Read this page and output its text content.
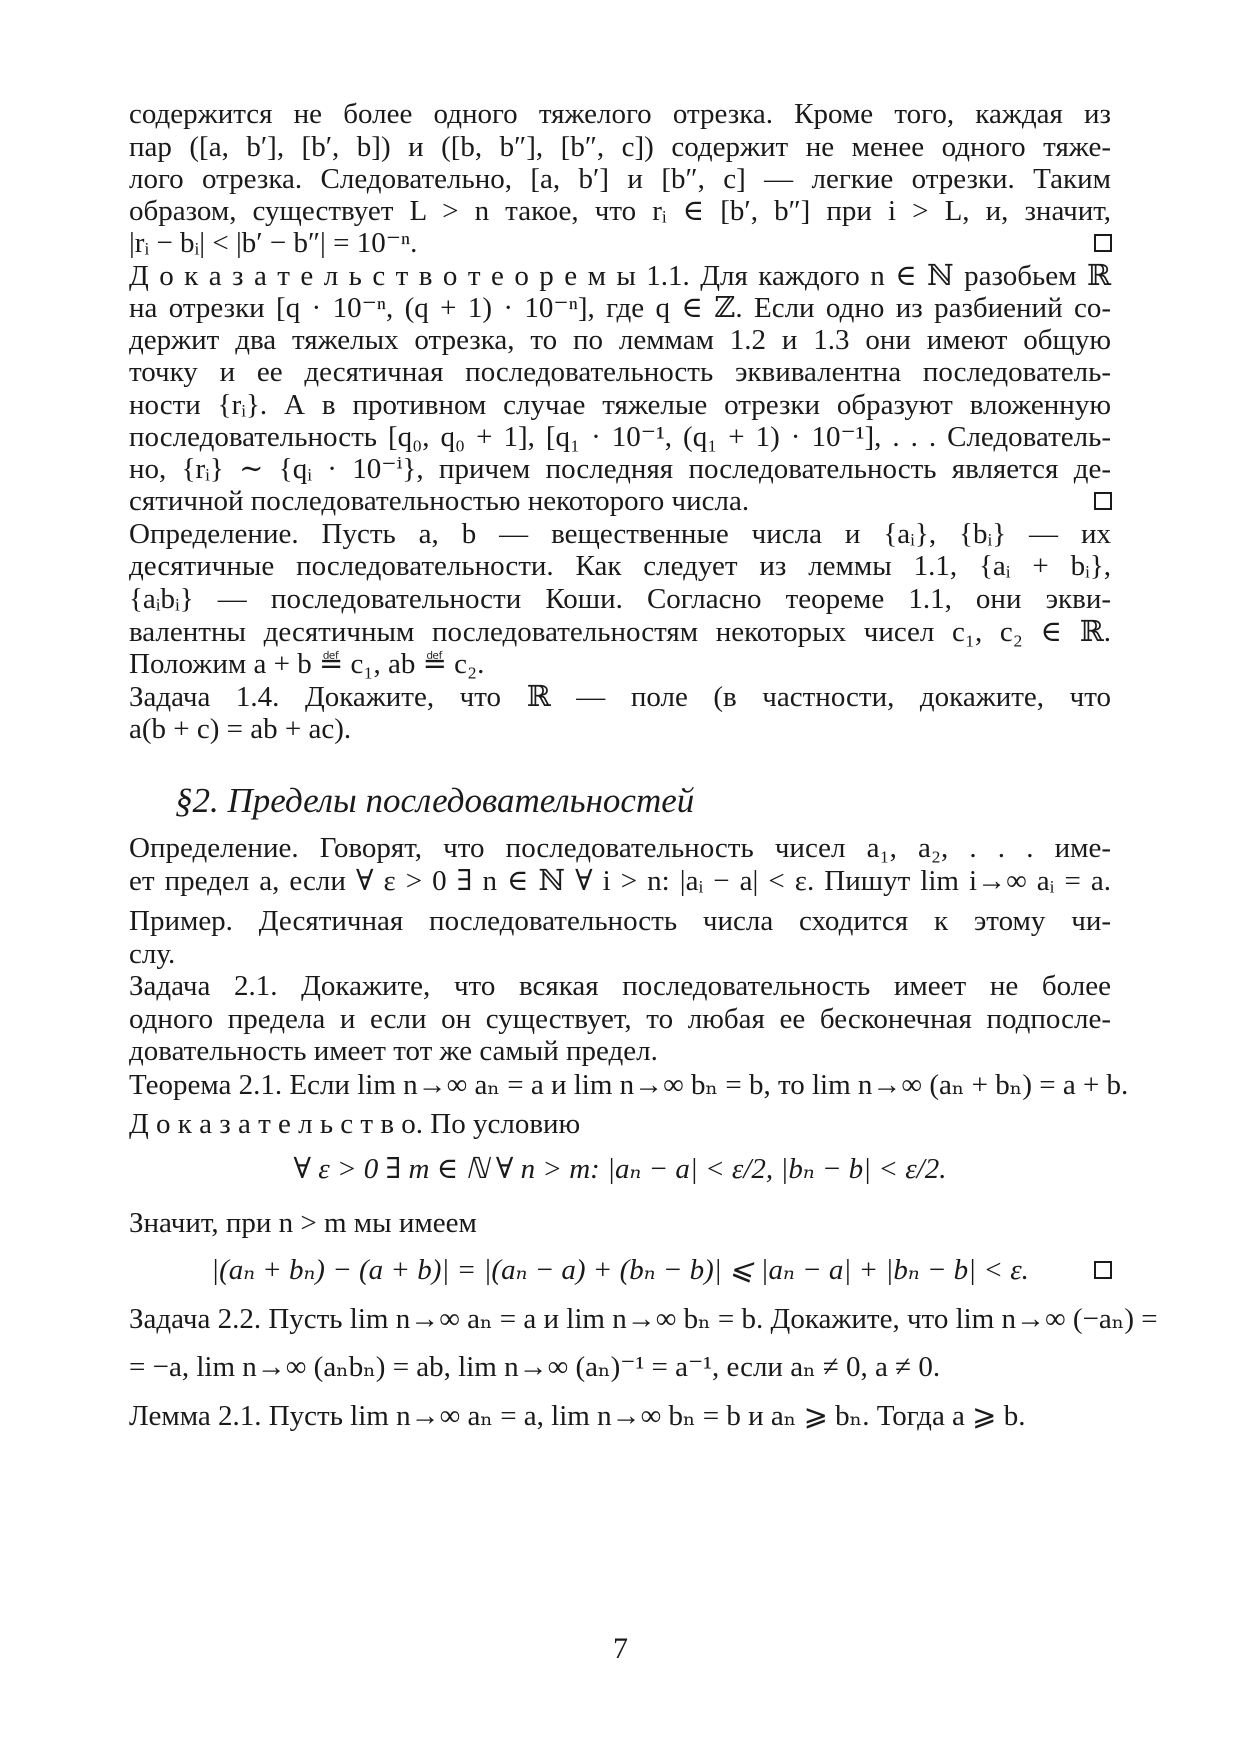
содержится не более одного тяжелого отрезка. Кроме того, каждая из
пар ([a, b′], [b′, b]) и ([b, b″], [b″, c]) содержит не менее одного тяже-
лого отрезка. Следовательно, [a, b′] и [b″, c] — легкие отрезки. Таким
образом, существует L > n такое, что rᵢ ∈ [b′, b″] при i > L, и, значит,
|rᵢ − bᵢ| < |b′ − b″| = 10⁻ⁿ.
Д о к а з а т е л ь с т в о т е о р е м ы 1.1. Для каждого n ∈ ℕ разобьем ℝ
на отрезки [q · 10⁻ⁿ, (q + 1) · 10⁻ⁿ], где q ∈ ℤ. Если одно из разбиений со-
держит два тяжелых отрезка, то по леммам 1.2 и 1.3 они имеют общую
точку и ее десятичная последовательность эквивалентна последователь-
ности {rᵢ}. А в противном случае тяжелые отрезки образуют вложенную
последовательность [q₀, q₀ + 1], [q₁ · 10⁻¹, (q₁ + 1) · 10⁻¹], . . . Следователь-
но, {rᵢ} ∼ {qᵢ · 10⁻ⁱ}, причем последняя последовательность является де-
сятичной последовательностью некоторого числа.
Определение. Пусть a, b — вещественные числа и {aᵢ}, {bᵢ} — их
десятичные последовательности. Как следует из леммы 1.1, {aᵢ + bᵢ},
{aᵢbᵢ} — последовательности Коши. Согласно теореме 1.1, они экви-
валентны десятичным последовательностям некоторых чисел c₁, c₂ ∈ ℝ.
Положим a + b ≝ c₁, ab ≝ c₂.
Задача 1.4. Докажите, что ℝ — поле (в частности, докажите, что
a(b + c) = ab + ac).
§2. Пределы последовательностей
Определение. Говорят, что последовательность чисел a₁, a₂, . . . име-
ет предел a, если ∀ ε > 0 ∃ n ∈ ℕ ∀ i > n: |aᵢ − a| < ε. Пишут lim i→∞ aᵢ = a.
Пример. Десятичная последовательность числа сходится к этому чи-
слу.
Задача 2.1. Докажите, что всякая последовательность имеет не более
одного предела и если он существует, то любая ее бесконечная подпосле-
довательность имеет тот же самый предел.
Теорема 2.1. Если lim n→∞ aₙ = a и lim n→∞ bₙ = b, то lim n→∞ (aₙ + bₙ) = a + b.
Д о к а з а т е л ь с т в о. По условию
∀ ε > 0 ∃ m ∈ ℕ ∀ n > m: |aₙ − a| < ε/2, |bₙ − b| < ε/2.
Значит, при n > m мы имеем
|(aₙ + bₙ) − (a + b)| = |(aₙ − a) + (bₙ − b)| ⩽ |aₙ − a| + |bₙ − b| < ε.
Задача 2.2. Пусть lim n→∞ aₙ = a и lim n→∞ bₙ = b. Докажите, что lim n→∞ (−aₙ) =
= −a, lim n→∞ (aₙbₙ) = ab, lim n→∞ (aₙ)⁻¹ = a⁻¹, если aₙ ≠ 0, a ≠ 0.
Лемма 2.1. Пусть lim n→∞ aₙ = a, lim n→∞ bₙ = b и aₙ ⩾ bₙ. Тогда a ⩾ b.
7
